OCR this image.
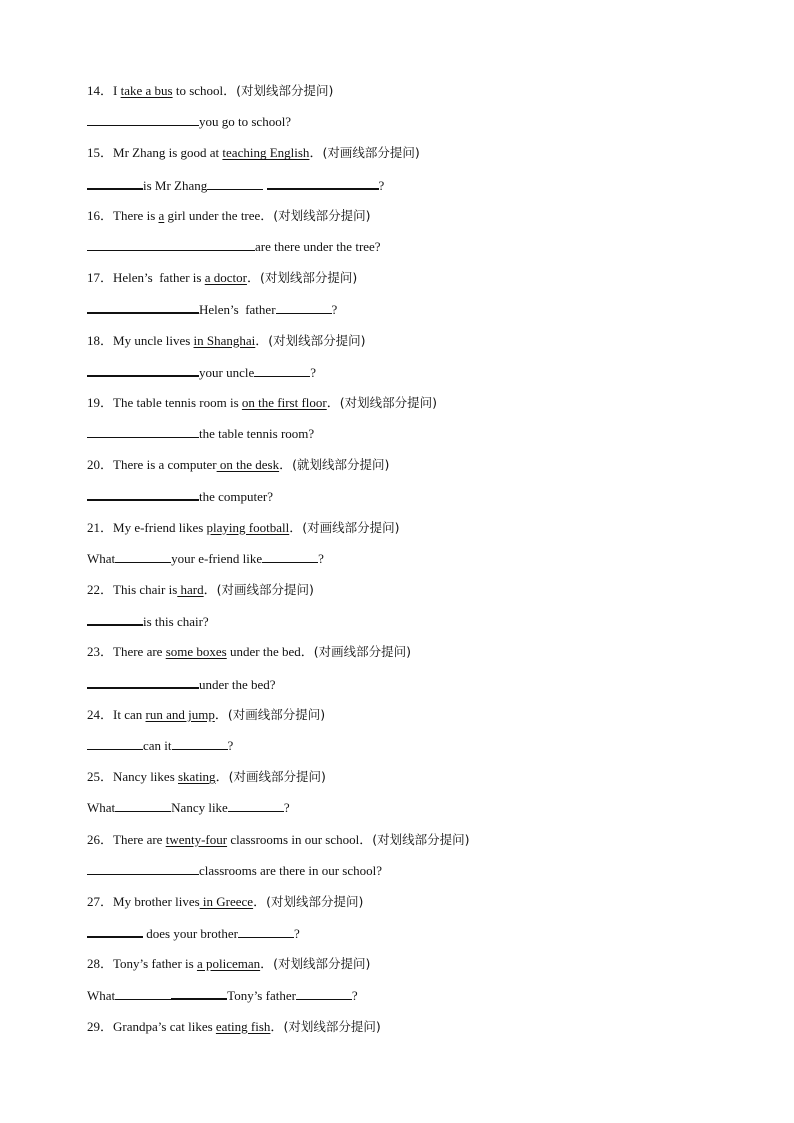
14．I take a bus to school．(对划线部分提问)
you go to school?
15．Mr Zhang is good at teaching English．(对画线部分提问)
is Mr Zhang	?
16．There is a girl under the tree．(对划线部分提问)
are there under the tree?
17．Helen’s  father is a doctor．(对划线部分提问)
Helen’s  father	?
18．My uncle lives in Shanghai．(对划线部分提问)
your uncle	?
19．The table tennis room is on the first floor．(对划线部分提问)
the table tennis room?
20．There is a computer on the desk．(就划线部分提问)
the computer?
21．My e-friend likes playing football．(对画线部分提问)
What	your e-friend like	?
22．This chair is hard．(对画线部分提问)
is this chair?
23．There are some boxes under the bed．(对画线部分提问)
under the bed?
24．It can run and jump．(对画线部分提问)
can it	?
25．Nancy likes skating．(对画线部分提问)
What	Nancy like	?
26．There are twenty-four classrooms in our school．(对划线部分提问)
classrooms are there in our school?
27．My brother lives in Greece．(对划线部分提问)
does your brother	?
28．Tony’s father is a policeman．(对划线部分提问)
What	Tony’s father	?
29．Grandpa’s cat likes eating fish．(对划线部分提问)
